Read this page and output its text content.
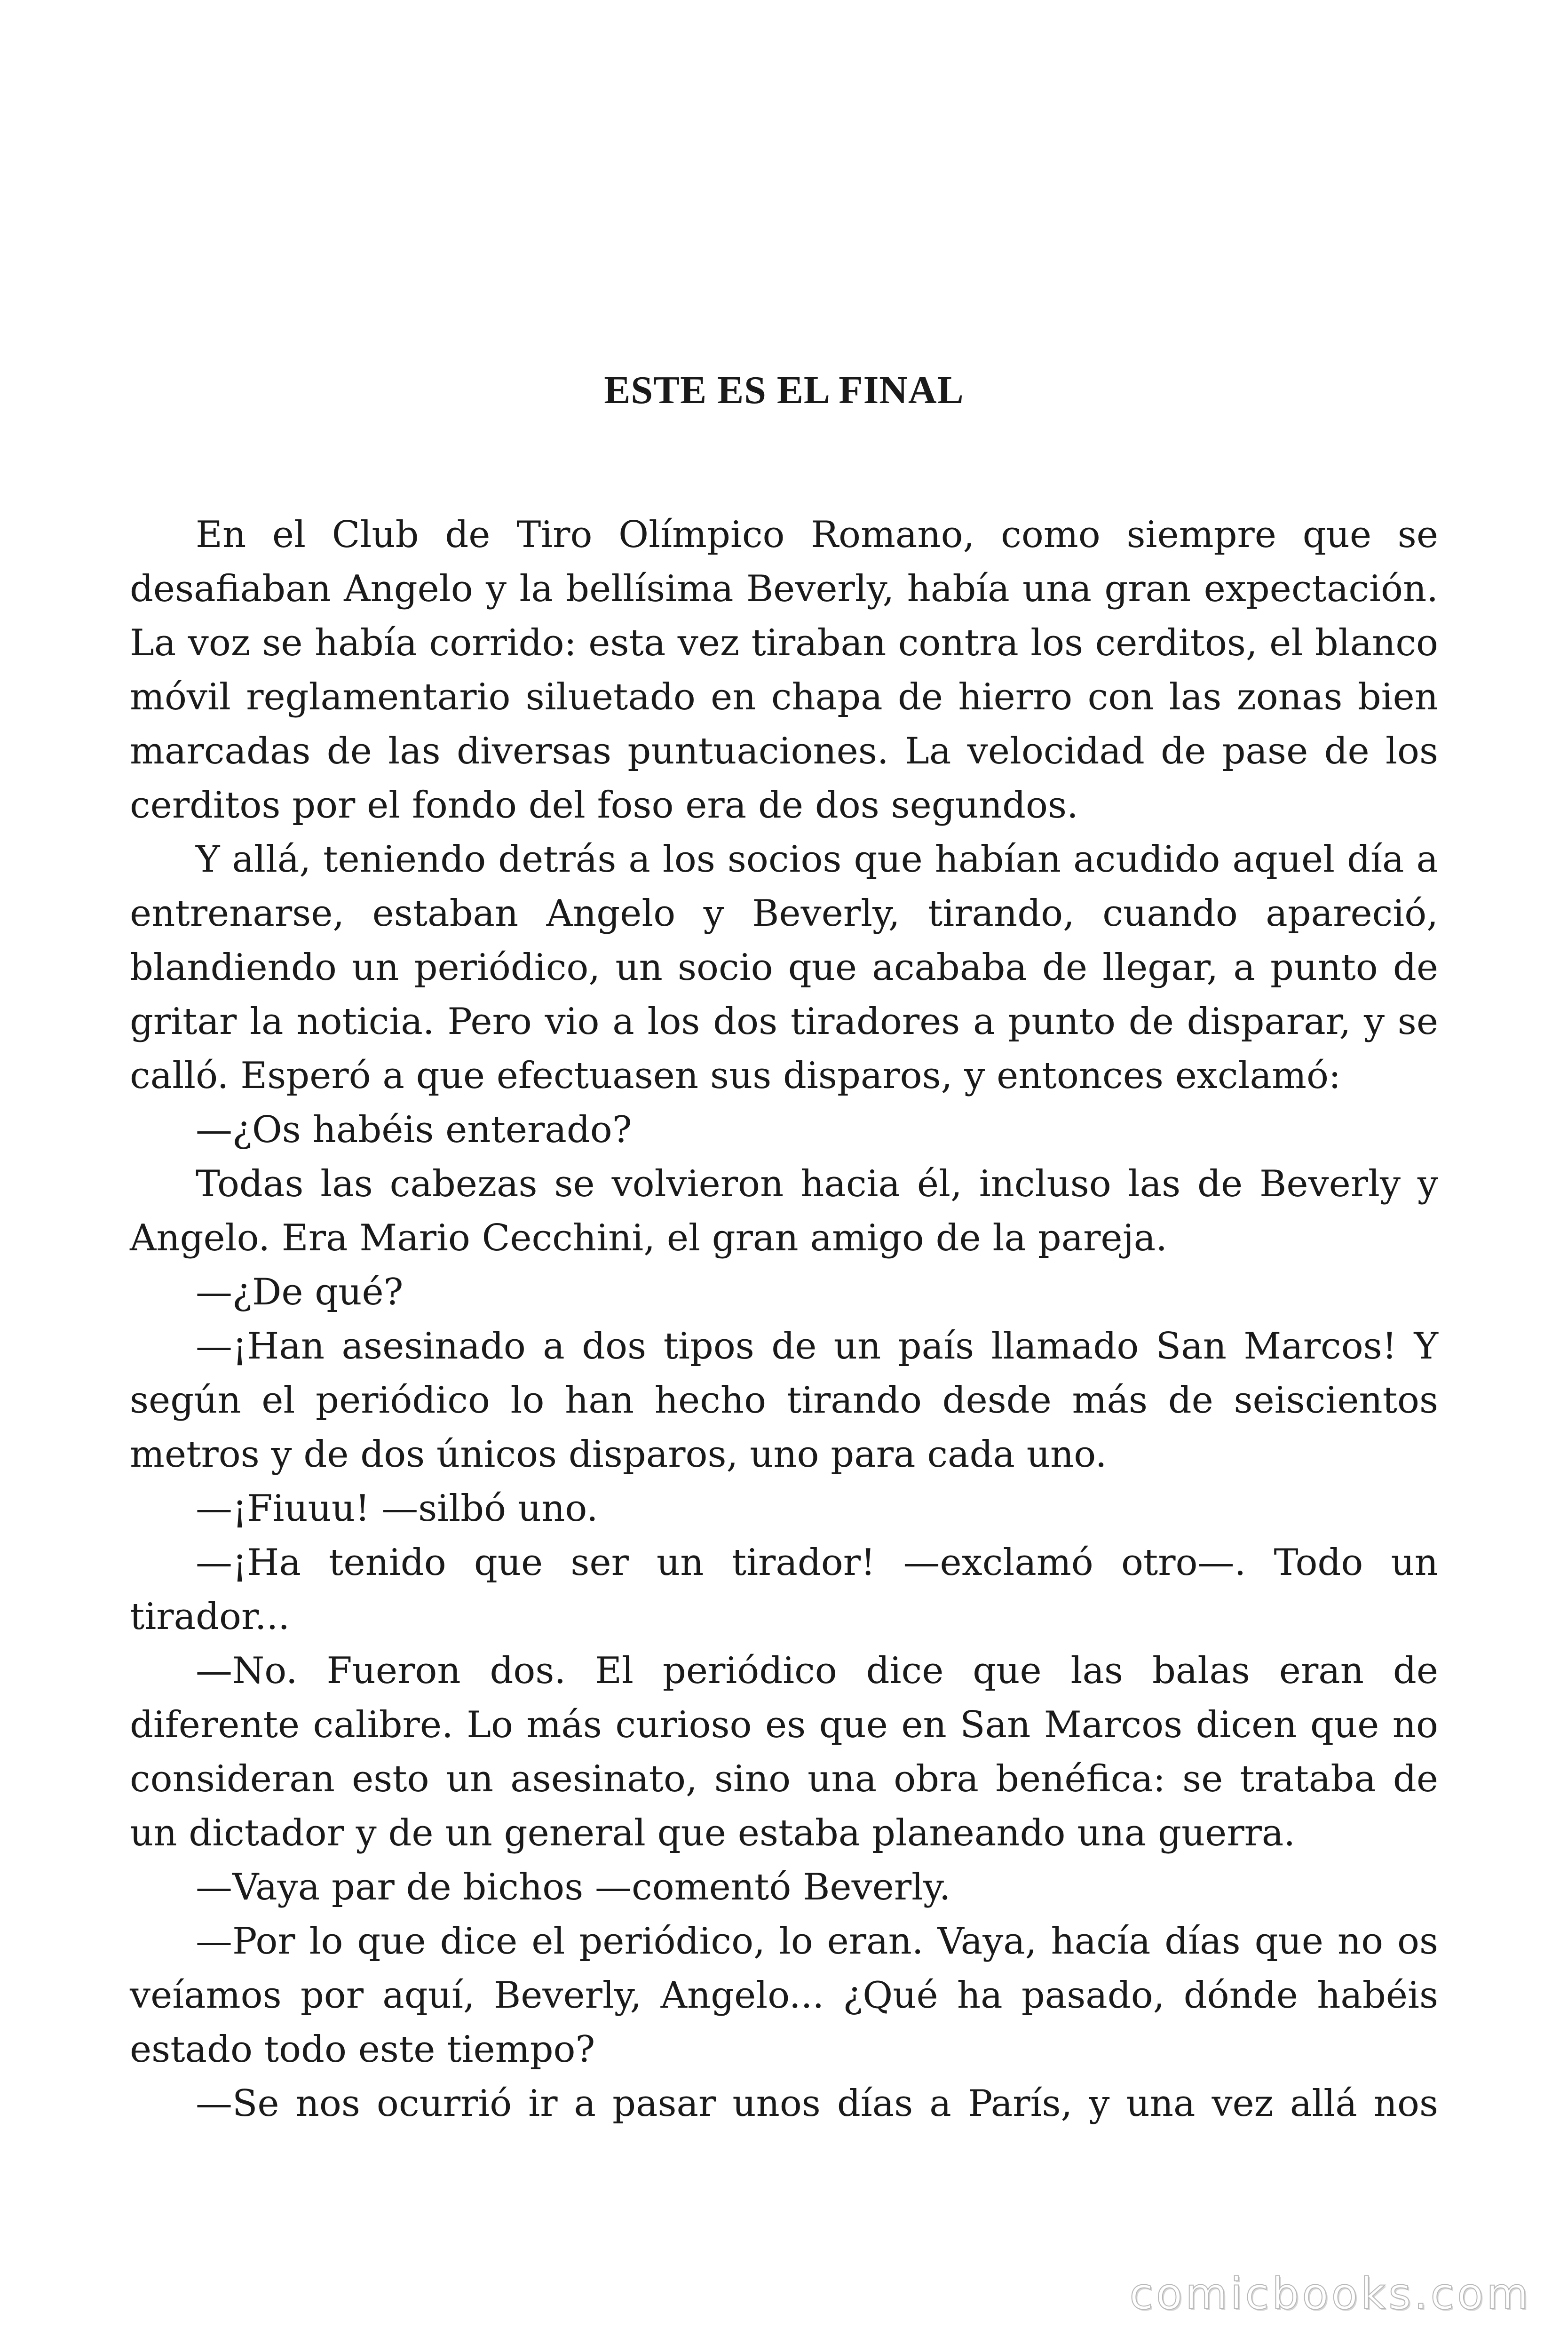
ESTE ES EL FINAL

En el Club de Tiro Olímpico Romano, como siempre que se desafiaban Angelo y la bellísima Beverly, había una gran expectación. La voz se había corrido: esta vez tiraban contra los cerditos, el blanco móvil reglamentario siluetado en chapa de hierro con las zonas bien marcadas de las diversas puntuaciones. La velocidad de pase de los cerditos por el fondo del foso era de dos segundos.

Y allá, teniendo detrás a los socios que habían acudido aquel día a entrenarse, estaban Angelo y Beverly, tirando, cuando apareció, blandiendo un periódico, un socio que acababa de llegar, a punto de gritar la noticia. Pero vio a los dos tiradores a punto de disparar, y se calló. Esperó a que efectuasen sus disparos, y entonces exclamó:

—¿Os habéis enterado?

Todas las cabezas se volvieron hacia él, incluso las de Beverly y Angelo. Era Mario Cecchini, el gran amigo de la pareja.

—¿De qué?

—¡Han asesinado a dos tipos de un país llamado San Marcos! Y según el periódico lo han hecho tirando desde más de seiscientos metros y de dos únicos disparos, uno para cada uno.

—¡Fiuuu! —silbó uno.

—¡Ha tenido que ser un tirador! —exclamó otro—. Todo un tirador...

—No. Fueron dos. El periódico dice que las balas eran de diferente calibre. Lo más curioso es que en San Marcos dicen que no consideran esto un asesinato, sino una obra benéfica: se trataba de un dictador y de un general que estaba planeando una guerra.

—Vaya par de bichos —comentó Beverly.

—Por lo que dice el periódico, lo eran. Vaya, hacía días que no os veíamos por aquí, Beverly, Angelo... ¿Qué ha pasado, dónde habéis estado todo este tiempo?

—Se nos ocurrió ir a pasar unos días a París, y una vez allá nos

comicbooks.com
